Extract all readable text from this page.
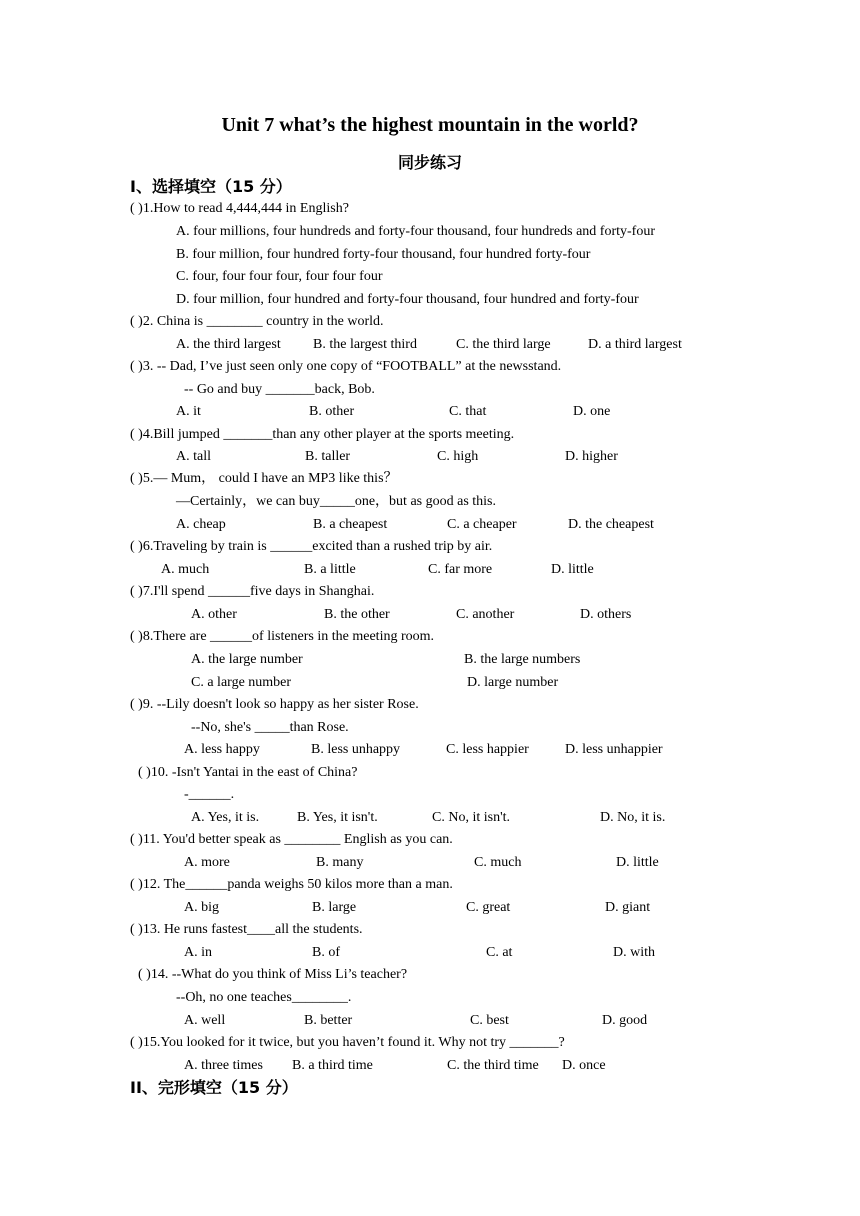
Unit 7 what’s the highest mountain in the world?
同步练习
I、选择填空（15 分）
( )1.How to read 4,444,444 in English?
A. four millions, four hundreds and forty-four thousand, four hundreds and forty-four
B. four million, four hundred forty-four thousand, four hundred forty-four
C. four, four four four, four four four
D. four million, four hundred and forty-four thousand, four hundred and forty-four
( )2. China is ________ country in the world.
A. the third largest B. the largest third	C. the third large	D. a third largest
( )3. -- Dad, I’ve just seen only one copy of “FOOTBALL” at the newsstand.
-- Go and buy _______back, Bob.
A. it	B. other	C. that	D. one
( )4.Bill jumped _______than any other player at the sports meeting.
A. tall	B. taller	C. high	D. higher
( )5.— Mum， could I have an MP3 like this？
—Certainly，we can buy_____one，but as good as this.
A. cheap	B. a cheapest	C. a cheaper	D. the cheapest
( )6.Traveling by train is ______excited than a rushed trip by air.
A. much	B. a little	C. far more	D. little
( )7.I'll spend ______five days in Shanghai.
A. other	B. the other	C. another	D. others
( )8.There are ______of listeners in the meeting room.
A. the large number	B. the large numbers
C. a large number	D. large number
( )9. --Lily doesn't look so happy as her sister Rose.
--No, she's _____than Rose.
A. less happy	B. less unhappy	C. less happier	D. less unhappier
( )10. -Isn't Yantai in the east of China?
-______.
A. Yes, it is.	B. Yes, it isn't.	C. No, it isn't.	D. No, it is.
( )11. You'd better speak as ________ English as you can.
A. more	B. many	C. much	D. little
( )12. The______panda weighs 50 kilos more than a man.
A. big	B. large	C. great	D. giant
( )13. He runs fastest____all the students.
A. in	B. of	C. at	D. with
( )14. --What do you think of Miss Li’s teacher?
--Oh, no one teaches________.
A. well	B. better	C. best	D. good
( )15.You looked for it twice, but you haven’t found it. Why not try _______?
A. three times B. a third time	C. the third time D. once
II、完形填空（15 分）
